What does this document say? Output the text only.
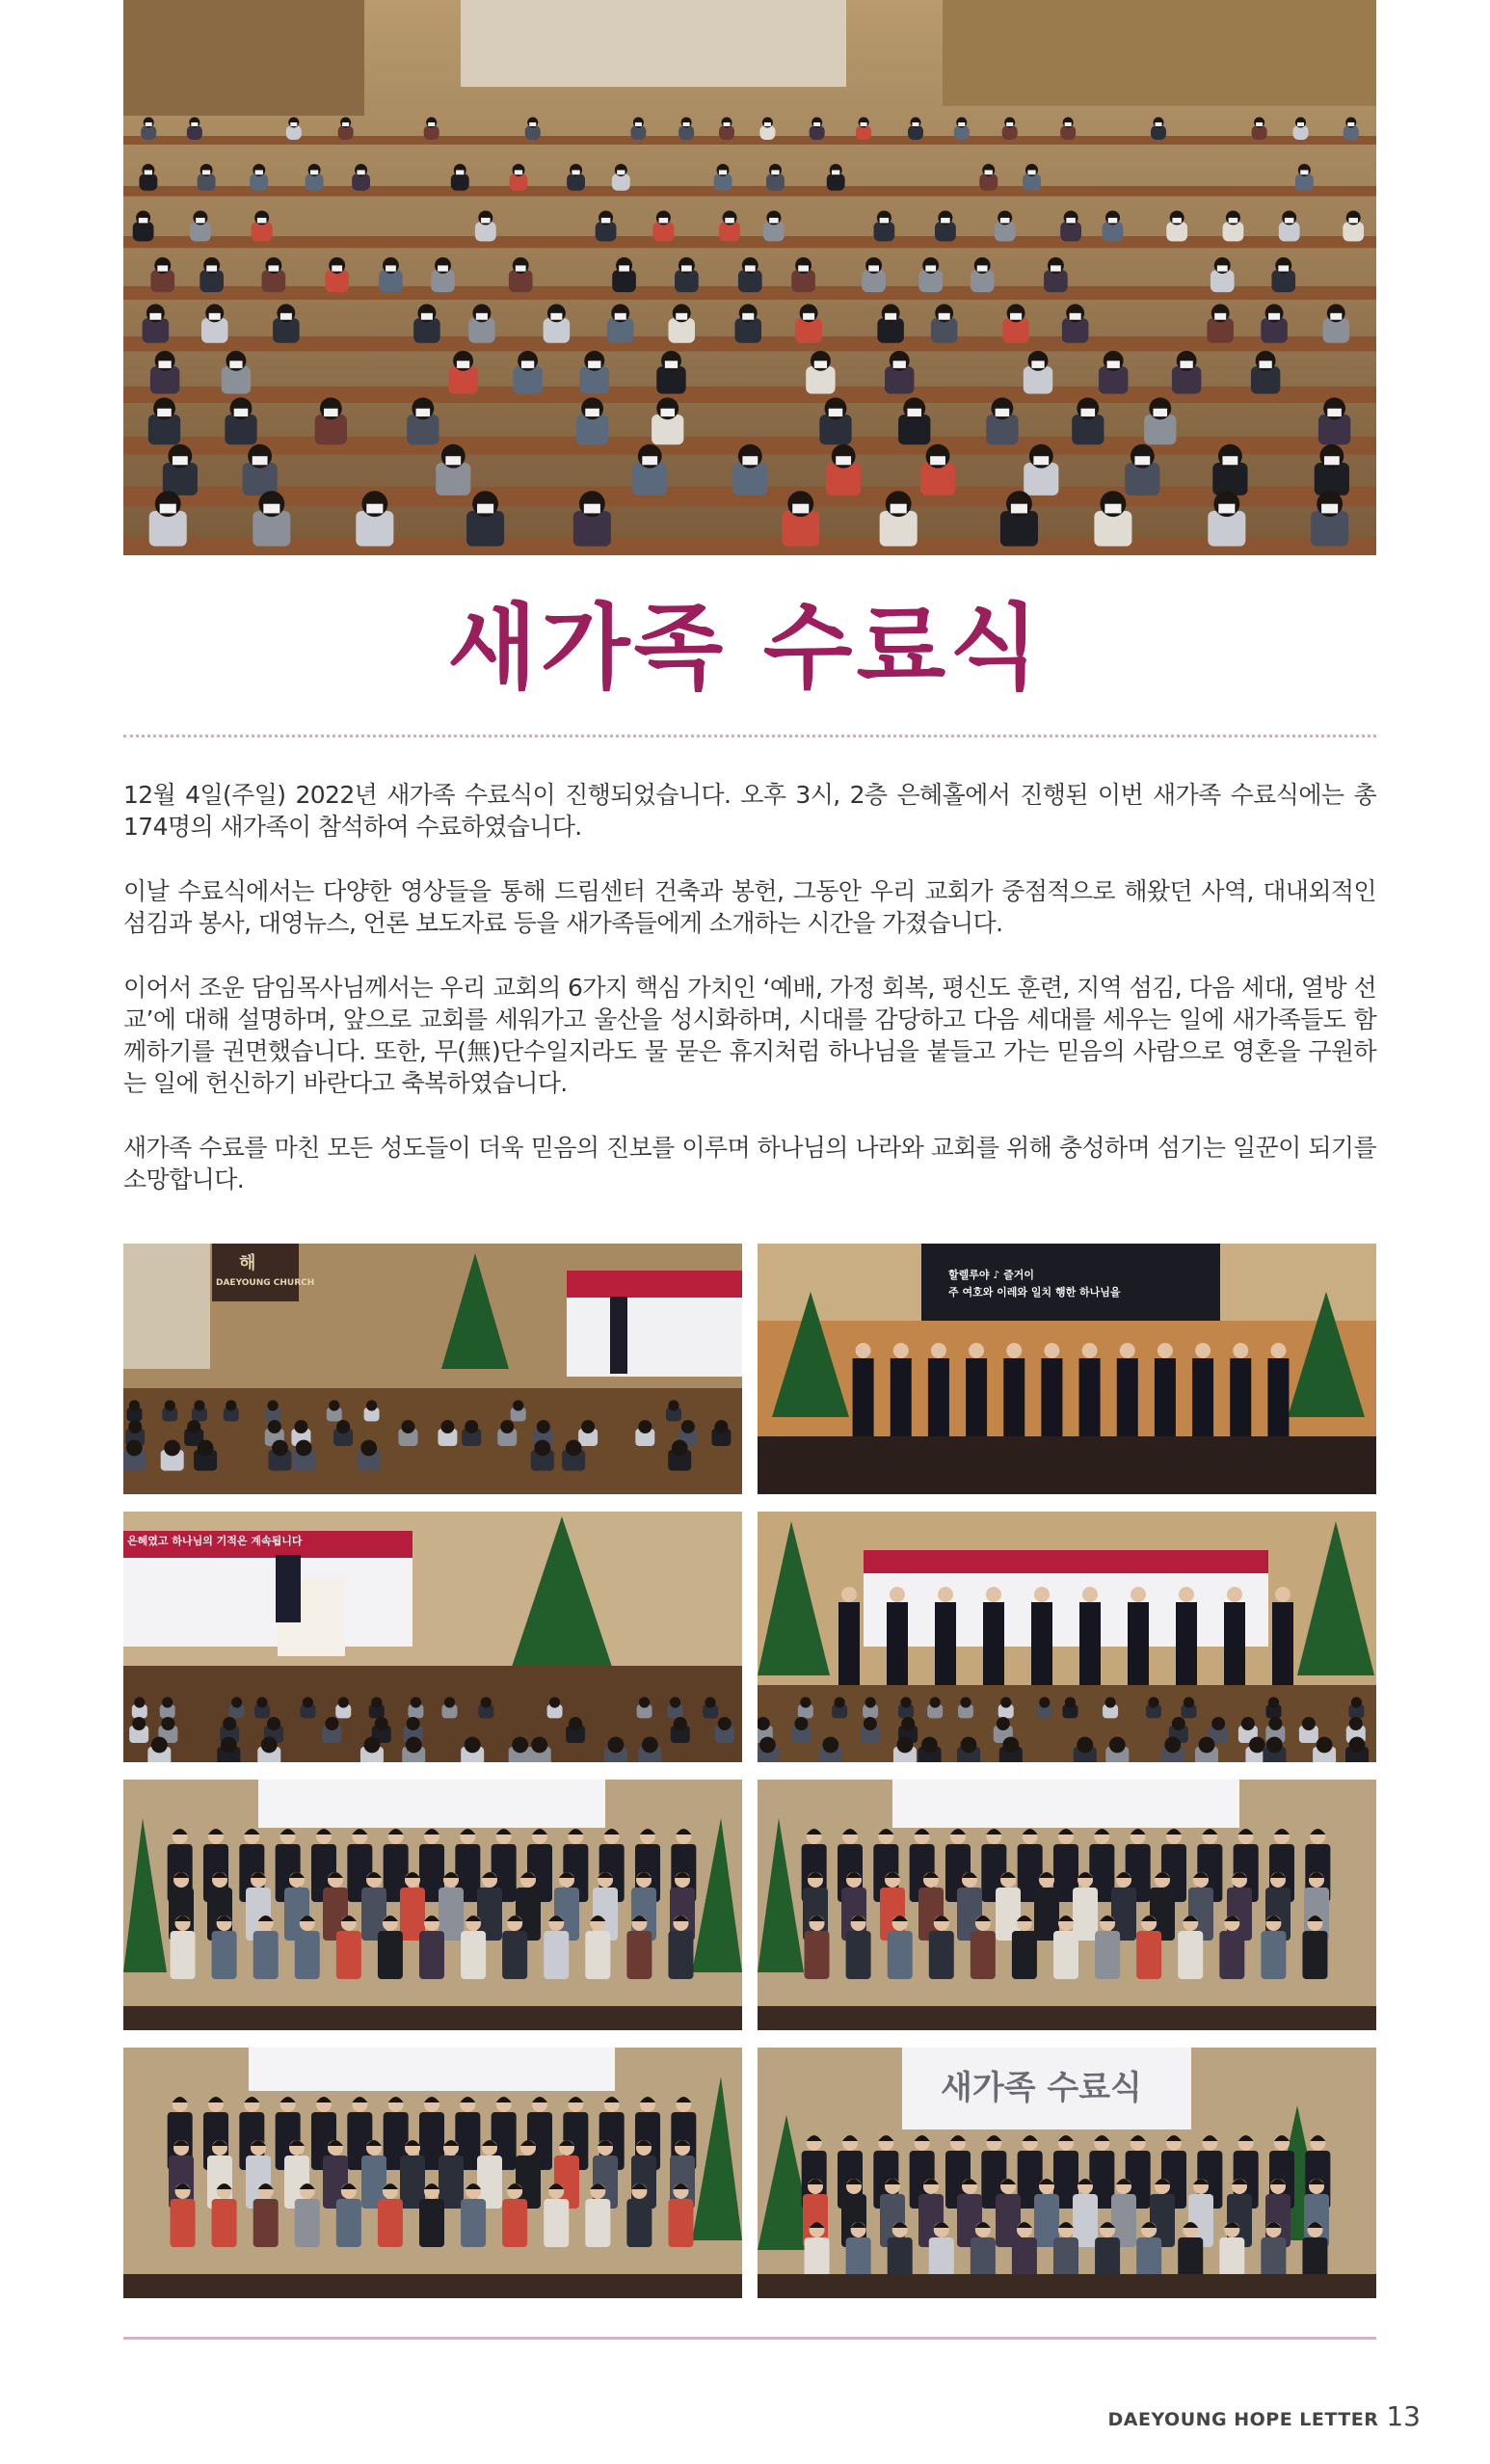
새가족 수료식

12월 4일(주일) 2022년 새가족 수료식이 진행되었습니다. 오후 3시, 2층 은혜홀에서 진행된 이번 새가족 수료식에는 총 174명의 새가족이 참석하여 수료하였습니다.

이날 수료식에서는 다양한 영상들을 통해 드림센터 건축과 봉헌, 그동안 우리 교회가 중점적으로 해왔던 사역, 대내외적인 섬김과 봉사, 대영뉴스, 언론 보도자료 등을 새가족들에게 소개하는 시간을 가졌습니다.

이어서 조운 담임목사님께서는 우리 교회의 6가지 핵심 가치인 ‘예배, 가정 회복, 평신도 훈련, 지역 섬김, 다음 세대, 열방 선교’에 대해 설명하며, 앞으로 교회를 세워가고 울산을 성시화하며, 시대를 감당하고 다음 세대를 세우는 일에 새가족들도 함께하기를 권면했습니다. 또한, 무(無)단수일지라도 물 묻은 휴지처럼 하나님을 붙들고 가는 믿음의 사람으로 영혼을 구원하는 일에 헌신하기 바란다고 축복하였습니다.

새가족 수료를 마친 모든 성도들이 더욱 믿음의 진보를 이루며 하나님의 나라와 교회를 위해 충성하며 섬기는 일꾼이 되기를 소망합니다.

해
DAEYOUNG CHURCH
할렐루야 ♪ 즐거이
주 여호와 이레와 일치 행한 하나님을
은혜였고 하나님의 기적은 계속됩니다
새가족 수료식
DAEYOUNG HOPE LETTER 13
